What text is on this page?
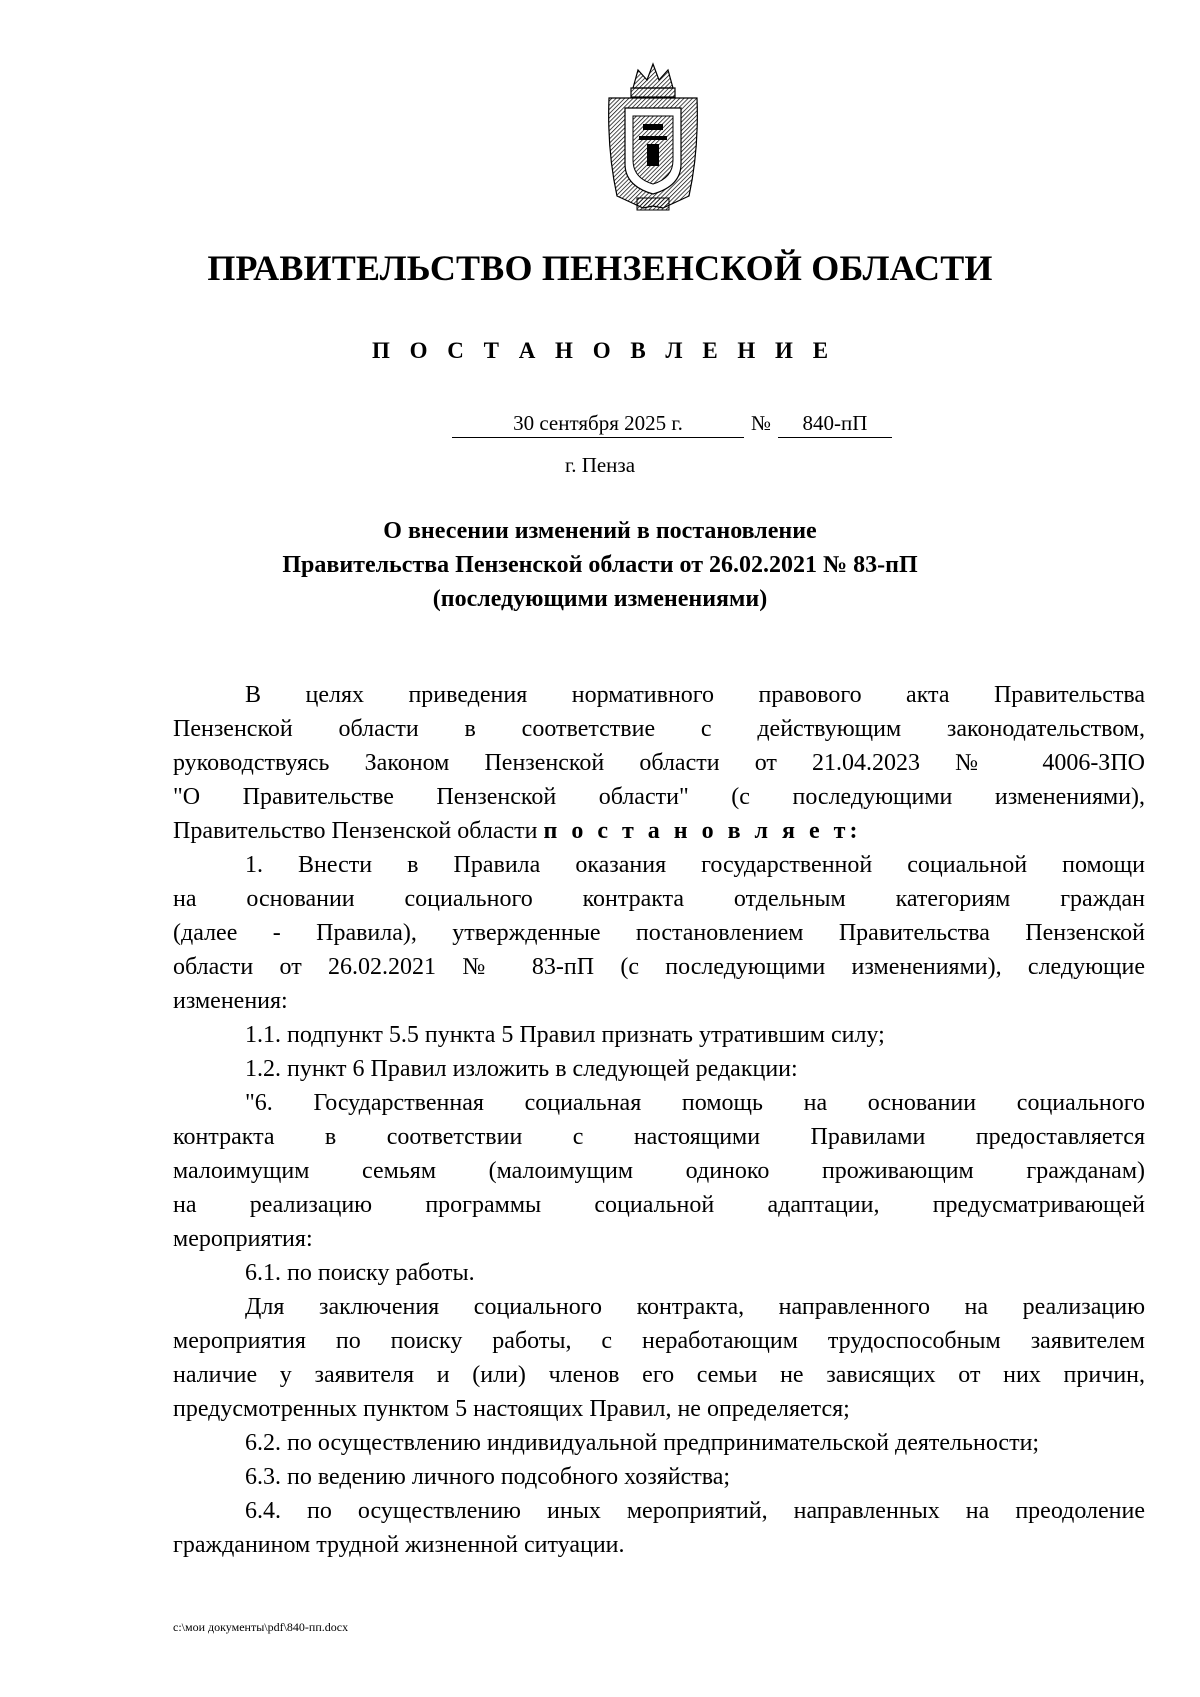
ПРАВИТЕЛЬСТВО ПЕНЗЕНСКОЙ ОБЛАСТИ
П О С Т А Н О В Л Е Н И Е
30 сентября 2025 г.	№	840-пП
г. Пенза
О внесении изменений в постановление
Правительства Пензенской области от 26.02.2021 № 83-пП
(последующими изменениями)
В целях приведения нормативного правового акта Правительства
Пензенской области в соответствие с действующим законодательством,
руководствуясь Законом Пензенской области от 21.04.2023 № 4006-ЗПО
"О Правительстве Пензенской области" (с последующими изменениями),
Правительство Пензенской области п о с т а н о в л я е т:
1. Внести в Правила оказания государственной социальной помощи
на основании социального контракта отдельным категориям граждан
(далее - Правила), утвержденные постановлением Правительства Пензенской
области от 26.02.2021 № 83-пП (с последующими изменениями), следующие
изменения:
1.1. подпункт 5.5 пункта 5 Правил признать утратившим силу;
1.2. пункт 6 Правил изложить в следующей редакции:
"6. Государственная социальная помощь на основании социального
контракта в соответствии с настоящими Правилами предоставляется
малоимущим семьям (малоимущим одиноко проживающим гражданам)
на реализацию программы социальной адаптации, предусматривающей
мероприятия:
6.1. по поиску работы.
Для заключения социального контракта, направленного на реализацию
мероприятия по поиску работы, с неработающим трудоспособным заявителем
наличие у заявителя и (или) членов его семьи не зависящих от них причин,
предусмотренных пунктом 5 настоящих Правил, не определяется;
6.2. по осуществлению индивидуальной предпринимательской деятельности;
6.3. по ведению личного подсобного хозяйства;
6.4. по осуществлению иных мероприятий, направленных на преодоление
гражданином трудной жизненной ситуации.
c:\мои документы\pdf\840-пп.docx
